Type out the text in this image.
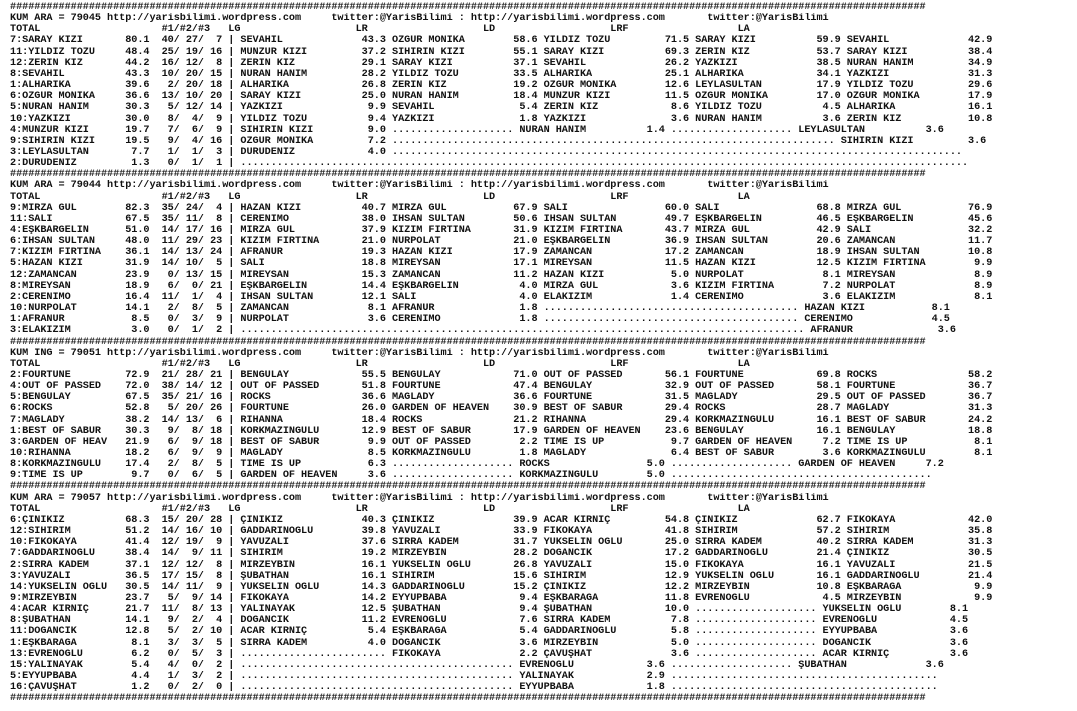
#######################################################################################################################################################
KUM ARA = 79045 http://yarisbilimi.wordpress.com     twitter:@YarisBilimi : http://yarisbilimi.wordpress.com       twitter:@YarisBilimi
TOTAL                    #1/#2/#3   LG                   LR                   LD                   LRF                  LA
7:SARAY KIZI       80.1  40/ 27/  7 | SEVAHİL             43.3 ÖZGÜR MONİKA        58.6 YILDIZ TOZU         71.5 SARAY KIZI          59.9 SEVAHİL             42.9
11:YILDIZ TOZU     48.4  25/ 19/ 16 | MUNZUR KIZI         37.2 SİHİRİN KIZI        55.1 SARAY KIZI          69.3 ZERİN KIZ           53.7 SARAY KIZI          38.4
12:ZERİN KIZ       44.2  16/ 12/  8 | ZERİN KIZ           29.1 SARAY KIZI          37.1 SEVAHİL             26.2 YAZKIZI             38.5 NURAN HANIM         34.9
8:SEVAHİL          43.3  10/ 20/ 15 | NURAN HANIM         28.2 YILDIZ TOZU         33.5 ALHARİKA            25.1 ALHARİKA            34.1 YAZKIZI             31.3
1:ALHARİKA         39.6   2/ 20/ 18 | ALHARİKA            26.8 ZERİN KIZ           19.2 ÖZGÜR MONİKA        12.6 LEYLASULTAN         17.9 YILDIZ TOZU         29.6
6:ÖZGÜR MONİKA     36.6  13/ 10/ 20 | SARAY KIZI          25.0 NURAN HANIM         18.4 MUNZUR KIZI         11.5 ÖZGÜR MONİKA        17.0 ÖZGÜR MONİKA        17.9
5:NURAN HANIM      30.3   5/ 12/ 14 | YAZKIZI              9.9 SEVAHİL              5.4 ZERİN KIZ            8.6 YILDIZ TOZU          4.5 ALHARİKA            16.1
10:YAZKIZI         30.0   8/  4/  9 | YILDIZ TOZU          9.4 YAZKIZI              1.8 YAZKIZI              3.6 NURAN HANIM          3.6 ZERİN KIZ           10.8
4:MUNZUR KIZI      19.7   7/  6/  9 | SİHİRİN KIZI         9.0 .................... NURAN HANIM          1.4 .................... LEYLASULTAN          3.6
9:SİHİRİN KIZI     19.5   9/  4/ 16 | ÖZGÜR MONİKA         7.2 ......................................................................... SİHİRİN KIZI         3.6
3:LEYLASULTAN       7.7   1/  1/  3 | DURUDENİZ            4.0 ..............................................................................................
2:DURUDENİZ         1.3   0/  1/  1 | ........................................................................................................................
#######################################################################################################################################################
KUM ARA = 79044 http://yarisbilimi.wordpress.com     twitter:@YarisBilimi : http://yarisbilimi.wordpress.com       twitter:@YarisBilimi
TOTAL                    #1/#2/#3   LG                   LR                   LD                   LRF                  LA
9:MİRZA GÜL        82.3  35/ 24/  4 | HAZAN KIZI          40.7 MİRZA GÜL           67.9 SALİ                60.0 SALİ                68.8 MİRZA GÜL           76.9
11:SALİ            67.5  35/ 11/  8 | CERENİMO            38.0 İHSAN SULTAN        50.6 İHSAN SULTAN        49.7 EŞKBARGELİN         46.5 EŞKBARGELİN         45.6
4:EŞKBARGELİN      51.0  14/ 17/ 16 | MİRZA GÜL           37.9 KIZIM FIRTINA       31.9 KIZIM FIRTINA       43.7 MİRZA GÜL           42.9 SALİ                32.2
6:İHSAN SULTAN     48.0  11/ 29/ 23 | KIZIM FIRTINA       21.0 NURPOLAT            21.0 EŞKBARGELİN         36.9 İHSAN SULTAN        20.6 ZAMANCAN            11.7
7:KIZIM FIRTINA    36.1  14/ 13/ 24 | AFRANUR             19.3 HAZAN KIZI          17.9 ZAMANCAN            17.2 ZAMANCAN            18.9 İHSAN SULTAN        10.8
5:HAZAN KIZI       31.9  14/ 10/  5 | SALİ                18.8 MİREYSAN            17.1 MİREYSAN            11.5 HAZAN KIZI          12.5 KIZIM FIRTINA        9.9
12:ZAMANCAN        23.9   0/ 13/ 15 | MİREYSAN            15.3 ZAMANCAN            11.2 HAZAN KIZI           5.0 NURPOLAT             8.1 MİREYSAN             8.9
8:MİREYSAN         18.9   6/  0/ 21 | EŞKBARGELİN         14.4 EŞKBARGELİN          4.0 MİRZA GÜL            3.6 KIZIM FIRTINA        7.2 NURPOLAT             8.9
2:CERENİMO         16.4  11/  1/  4 | İHSAN SULTAN        12.1 SALİ                 4.0 ELAKIZIM             1.4 CERENİMO             3.6 ELAKIZIM             8.1
10:NURPOLAT        14.1   2/  8/  5 | ZAMANCAN             8.1 AFRANUR              1.8 .......................................... HAZAN KIZI           8.1
1:AFRANUR           8.5   0/  3/  9 | NURPOLAT             3.6 CERENİMO             1.8 .......................................... CERENİMO             4.5
3:ELAKIZIM          3.0   0/  1/  2 | ............................................................................................. AFRANUR              3.6
#######################################################################################################################################################
KUM İNG = 79051 http://yarisbilimi.wordpress.com     twitter:@YarisBilimi : http://yarisbilimi.wordpress.com       twitter:@YarisBilimi
TOTAL                    #1/#2/#3   LG                   LR                   LD                   LRF                  LA
2:FOURTUNE         72.9  21/ 28/ 21 | BENGÜLAY            55.5 BENGÜLAY            71.0 OUT OF PASSED       56.1 FOURTUNE            69.8 ROCKS               58.2
4:OUT OF PASSED    72.0  38/ 14/ 12 | OUT OF PASSED       51.8 FOURTUNE            47.4 BENGÜLAY            32.9 OUT OF PASSED       58.1 FOURTUNE            36.7
5:BENGÜLAY         67.5  35/ 21/ 16 | ROCKS               36.6 MAGLADY             36.6 FOURTUNE            31.5 MAGLADY             29.5 OUT OF PASSED       36.7
6:ROCKS            52.8   5/ 20/ 26 | FOURTUNE            26.0 GARDEN OF HEAVEN    30.9 BEST OF SABUR       29.4 ROCKS               28.7 MAGLADY             31.3
7:MAGLADY          38.2  14/ 13/  6 | RİHANNA             18.4 ROCKS               21.2 RİHANNA             29.4 KORKMAZINGÜLÜ       16.1 BEST OF SABUR       24.2
1:BEST OF SABUR    30.3   9/  8/ 18 | KORKMAZINGÜLÜ       12.9 BEST OF SABUR       17.9 GARDEN OF HEAVEN    23.6 BENGÜLAY            16.1 BENGÜLAY            18.8
3:GARDEN OF HEAV   21.9   6/  9/ 18 | BEST OF SABUR        9.9 OUT OF PASSED        2.2 TIME IS UP           9.7 GARDEN OF HEAVEN     7.2 TIME IS UP           8.1
10:RİHANNA         18.2   6/  9/  9 | MAGLADY              8.5 KORKMAZINGÜLÜ        1.8 MAGLADY              6.4 BEST OF SABUR        3.6 KORKMAZINGÜLÜ        8.1
8:KORKMAZINGÜLÜ    17.4   2/  8/  5 | TIME IS UP           6.3 .................... ROCKS                5.0 .................... GARDEN OF HEAVEN     7.2
9:TIME IS UP        9.7   0/  6/  5 | GARDEN OF HEAVEN     3.6 .................... KORKMAZINGÜLÜ        5.0 ...........................................
#######################################################################################################################################################
KUM ARA = 79057 http://yarisbilimi.wordpress.com     twitter:@YarisBilimi : http://yarisbilimi.wordpress.com       twitter:@YarisBilimi
TOTAL                    #1/#2/#3   LG                   LR                   LD                   LRF                  LA
6:ÇİNİKIZ          68.3  15/ 20/ 28 | ÇİNİKIZ             40.3 ÇİNİKIZ             39.9 ACAR KIRNIÇ         54.8 ÇİNİKIZ             62.7 FİKOKAYA            42.0
12:SİHİRİM         51.2  14/ 16/ 10 | GADDARINOĞLU        39.8 YAVUZALİ            33.9 FİKOKAYA            41.8 SİHİRİM             57.2 SİHİRİM             35.8
10:FİKOKAYA        41.4  12/ 19/  9 | YAVUZALİ            37.6 SIRRA KADEM         31.7 YÜKSELİN OĞLU       25.0 SIRRA KADEM         40.2 SIRRA KADEM         31.3
7:GADDARINOĞLU     38.4  14/  9/ 11 | SİHİRİM             19.2 MİRZEYBİN           28.2 DOĞANCIK            17.2 GADDARINOĞLU        21.4 ÇİNİKIZ             30.5
2:SIRRA KADEM      37.1  12/ 12/  8 | MİRZEYBİN           16.1 YÜKSELİN OĞLU       26.8 YAVUZALİ            15.0 FİKOKAYA            16.1 YAVUZALİ            21.5
3:YAVUZALİ         36.5  17/ 15/  8 | ŞUBATHAN            16.1 SİHİRİM             15.6 SİHİRİM             12.9 YÜKSELİN OĞLU       16.1 GADDARINOĞLU        21.4
14:YÜKSELİN OĞLU   30.5  14/ 11/  9 | YÜKSELİN OĞLU       14.3 GADDARINOĞLU        15.2 ÇİNİKIZ             12.2 MİRZEYBİN           10.8 EŞKBARAĞA            9.9
9:MİRZEYBİN        23.7   5/  9/ 14 | FİKOKAYA            14.2 EYYUPBABA            9.4 EŞKBARAĞA           11.8 EVRENOĞLU            4.5 MİRZEYBİN            9.9
4:ACAR KIRNIÇ      21.7  11/  8/ 13 | YALINAYAK           12.5 ŞUBATHAN             9.4 ŞUBATHAN            10.0 .................... YÜKSELİN OĞLU        8.1
8:ŞUBATHAN         14.1   9/  2/  4 | DOĞANCIK            11.2 EVRENOĞLU            7.6 SIRRA KADEM          7.8 .................... EVRENOĞLU            4.5
11:DOĞANCIK        12.8   5/  2/ 10 | ACAR KIRNIÇ          5.4 EŞKBARAĞA            5.4 GADDARINOĞLU         5.8 .................... EYYUPBABA            3.6
1:EŞKBARAĞA         8.1   3/  3/  5 | SIRRA KADEM          4.0 DOĞANCIK             3.6 MİRZEYBİN            5.0 .................... DOĞANCIK             3.6
13:EVRENOĞLU        6.2   0/  5/  3 | ........................ FİKOKAYA             2.2 ÇAVUŞHAT             3.6 .................... ACAR KIRNIÇ          3.6
15:YALINAYAK        5.4   4/  0/  2 | ............................................. EVRENOĞLU            3.6 .................... ŞUBATHAN             3.6
5:EYYUPBABA         4.4   1/  3/  2 | ............................................. YALINAYAK            2.9 ............................................
16:ÇAVUŞHAT         1.2   0/  2/  0 | ............................................. EYYUPBABA            1.8 ............................................
#######################################################################################################################################################
